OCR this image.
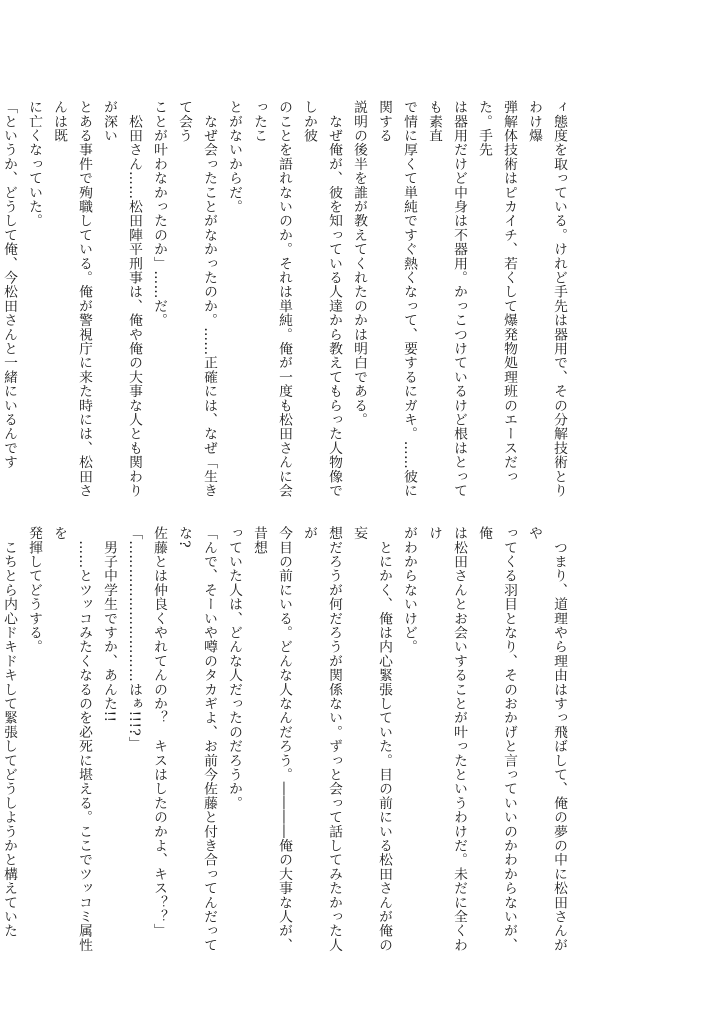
ィ態度を取っている。けれど手先は器用で、その分解技術とりわけ爆

弾解体技術はピカイチ、若くして爆発物処理班のエースだった。手先

は器用だけど中身は不器用。かっこつけているけど根はとっても素直

で情に厚くて単純ですぐ熱くなって、要するにガキ。……彼に関する

説明の後半を誰が教えてくれたのかは明白である。

　なぜ俺が、彼を知っている人達から教えてもらった人物像でしか彼

のことを語れないのか。それは単純。俺が一度も松田さんに会ったこ

とがないからだ。

　なぜ会ったことがなかったのか。……正確には、なぜ「生きて会う

ことが叶わなかったのか」……だ。

　松田さん……松田陣平刑事は、俺や俺の大事な人とも関わりが深い

とある事件で殉職している。俺が警視庁に来た時には、松田さんは既

に亡くなっていた。

「というか、どうして俺、今松田さんと一緒にいるんです　

　つまり、道理やら理由はすっ飛ばして、俺の夢の中に松田さんがや

ってくる羽目となり、そのおかげと言っていいのかわからないが、俺

は松田さんとお会いすることが叶ったというわけだ。未だに全くわけ

がわからないけど。

　とにかく、俺は内心緊張していた。目の前にいる松田さんが俺の妄

想だろうが何だろうが関係ない。ずっと会って話してみたかった人が

今目の前にいる。どんな人なんだろう。――――俺の大事な人が、昔想

っていた人は、どんな人だったのだろうか。

「んで、そーいや噂のタカギよ、お前今佐藤と付き合ってんだってな?

佐藤とは仲良くやれてんのか？　キスはしたのかよ、キス？？」

「…………………………はぁ!!!?」

　男子中学生ですか、あんた!!

　……とツッコみたくなるのを必死に堪える。ここでツッコミ属性を

発揮してどうする。

　こちとら内心ドキドキして緊張してどうしようかと構えていた
